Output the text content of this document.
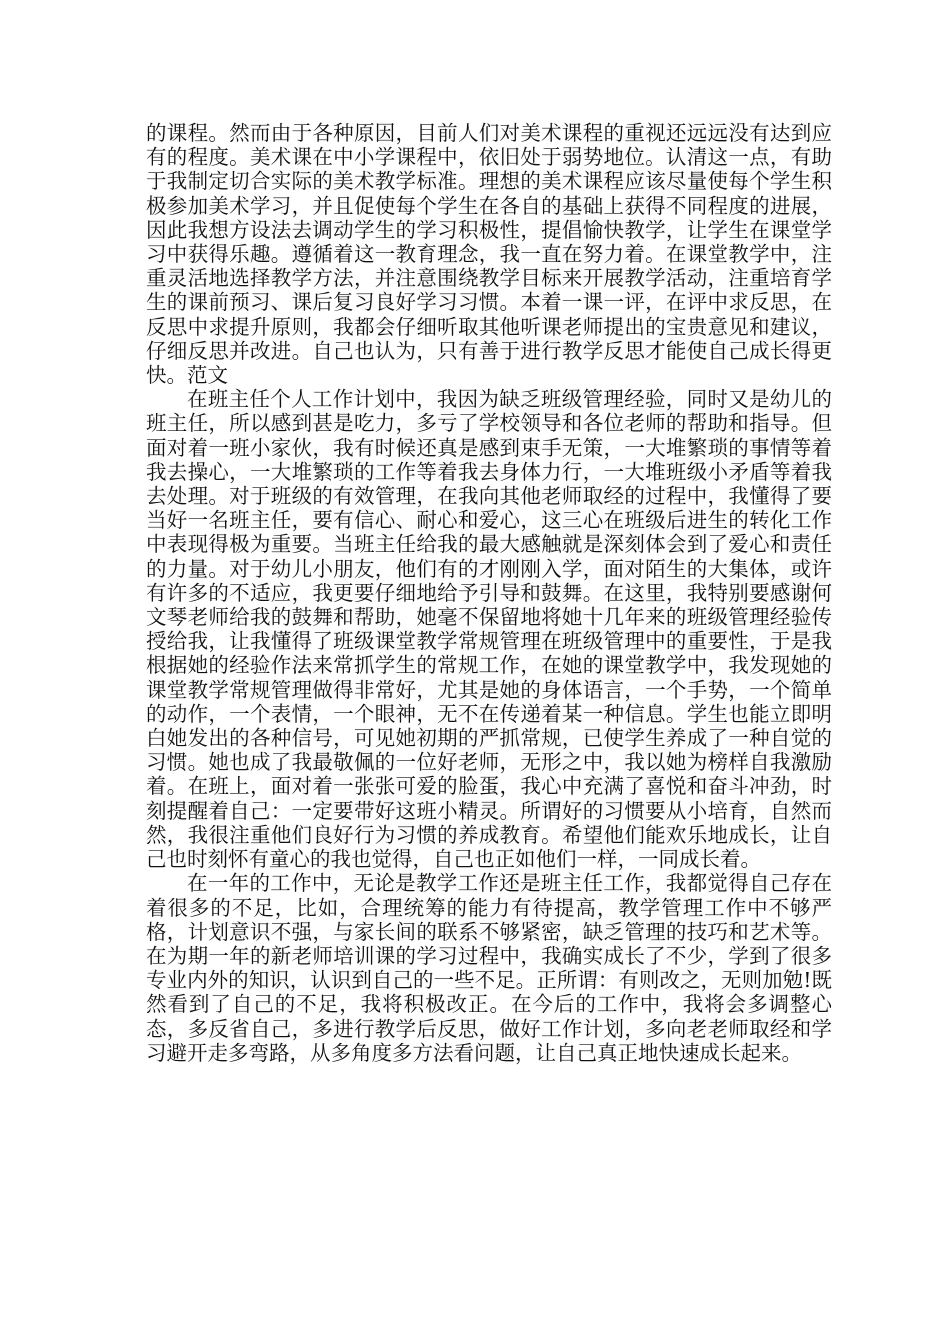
的课程。然而由于各种原因，目前人们对美术课程的重视还远远没有达到应有的程度。美术课在中小学课程中，依旧处于弱势地位。认清这一点，有助于我制定切合实际的美术教学标准。理想的美术课程应该尽量使每个学生积极参加美术学习，并且促使每个学生在各自的基础上获得不同程度的进展，因此我想方设法去调动学生的学习积极性，提倡愉快教学，让学生在课堂学习中获得乐趣。遵循着这一教育理念，我一直在努力着。在课堂教学中，注重灵活地选择教学方法，并注意围绕教学目标来开展教学活动，注重培育学生的课前预习、课后复习良好学习习惯。本着一课一评，在评中求反思，在反思中求提升原则，我都会仔细听取其他听课老师提出的宝贵意见和建议，仔细反思并改进。自己也认为，只有善于进行教学反思才能使自己成长得更快。范文

在班主任个人工作计划中，我因为缺乏班级管理经验，同时又是幼儿的班主任，所以感到甚是吃力，多亏了学校领导和各位老师的帮助和指导。但面对着一班小家伙，我有时候还真是感到束手无策，一大堆繁琐的事情等着我去操心，一大堆繁琐的工作等着我去身体力行，一大堆班级小矛盾等着我去处理。对于班级的有效管理，在我向其他老师取经的过程中，我懂得了要当好一名班主任，要有信心、耐心和爱心，这三心在班级后进生的转化工作中表现得极为重要。当班主任给我的最大感触就是深刻体会到了爱心和责任的力量。对于幼儿小朋友，他们有的才刚刚入学，面对陌生的大集体，或许有许多的不适应，我更要仔细地给予引导和鼓舞。在这里，我特别要感谢何文琴老师给我的鼓舞和帮助，她毫不保留地将她十几年来的班级管理经验传授给我，让我懂得了班级课堂教学常规管理在班级管理中的重要性，于是我根据她的经验作法来常抓学生的常规工作，在她的课堂教学中，我发现她的课堂教学常规管理做得非常好，尤其是她的身体语言，一个手势，一个简单的动作，一个表情，一个眼神，无不在传递着某一种信息。学生也能立即明白她发出的各种信号，可见她初期的严抓常规，已使学生养成了一种自觉的习惯。她也成了我最敬佩的一位好老师，无形之中，我以她为榜样自我激励着。在班上，面对着一张张可爱的脸蛋，我心中充满了喜悦和奋斗冲劲，时刻提醒着自己：一定要带好这班小精灵。所谓好的习惯要从小培育，自然而然，我很注重他们良好行为习惯的养成教育。希望他们能欢乐地成长，让自己也时刻怀有童心的我也觉得，自己也正如他们一样，一同成长着。

在一年的工作中，无论是教学工作还是班主任工作，我都觉得自己存在着很多的不足，比如，合理统筹的能力有待提高，教学管理工作中不够严格，计划意识不强，与家长间的联系不够紧密，缺乏管理的技巧和艺术等。在为期一年的新老师培训课的学习过程中，我确实成长了不少，学到了很多专业内外的知识，认识到自己的一些不足。正所谓：有则改之，无则加勉!既然看到了自己的不足，我将积极改正。在今后的工作中，我将会多调整心态，多反省自己，多进行教学后反思，做好工作计划，多向老老师取经和学习避开走多弯路，从多角度多方法看问题，让自己真正地快速成长起来。
